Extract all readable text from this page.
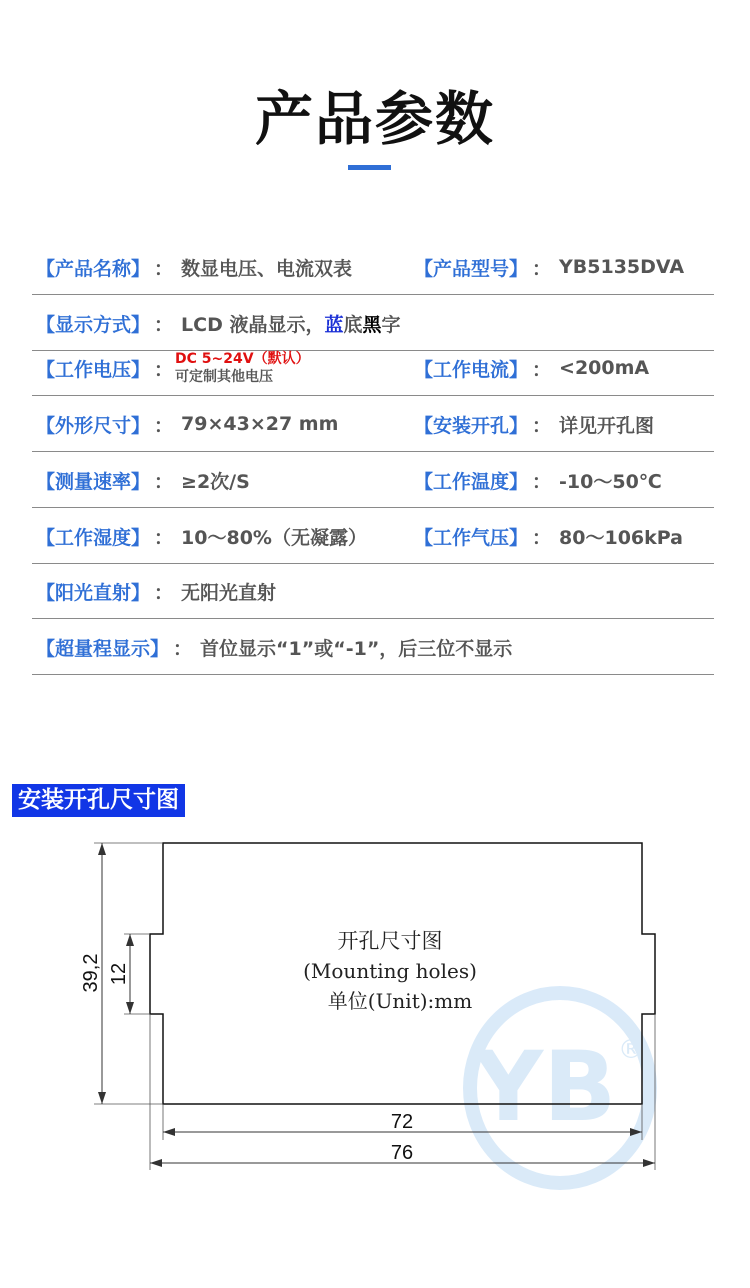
产品参数
【产品名称】 ： 数显电压、电流双表	【产品型号】 ： YB5135DVA
【显示方式】 ： LCD 液晶显示，蓝底黑字
【工作电压】 ： DC 5~24V（默认）
可定制其他电压	【工作电流】 ： <200mA
【外形尺寸】 ： 79×43×27 mm	【安装开孔】 ： 详见开孔图
【测量速率】 ： ≥2次/S	【工作温度】 ： -10～50℃
【工作湿度】 ： 10～80%（无凝露） 【工作气压】 ： 80～106kPa
【阳光直射】 ： 无阳光直射
【超量程显示】 ： 首位显示“1”或“-1”，后三位不显示
安装开孔尺寸图
YB ®
39,2 12
72
76
开孔尺寸图
(Mounting holes)
单位(Unit):mm
